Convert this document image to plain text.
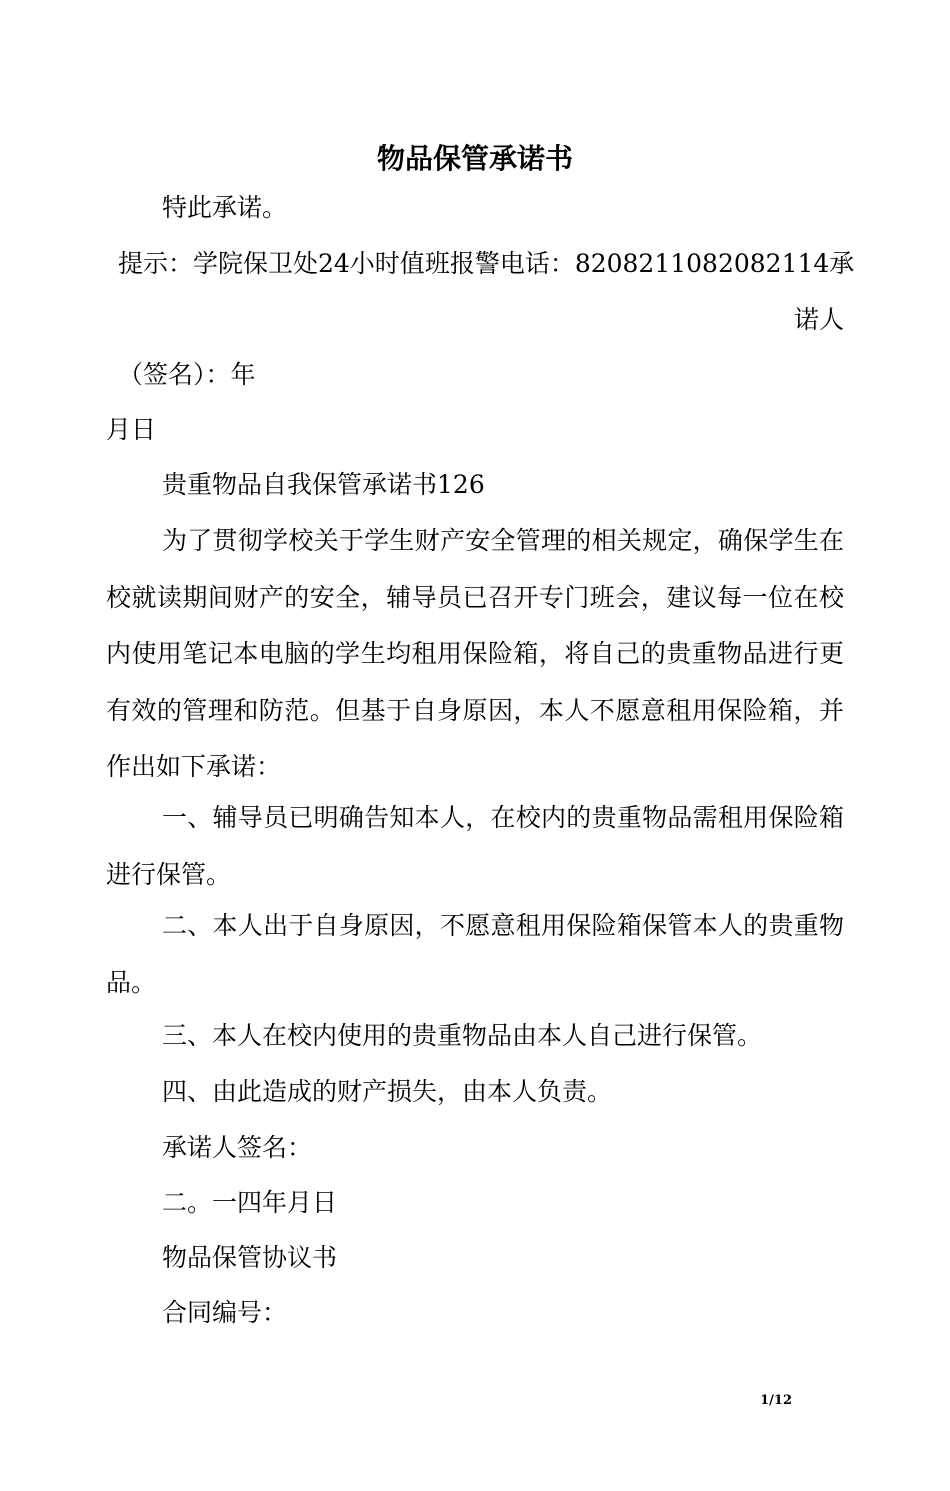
物品保管承诺书
特此承诺。
提示：学院保卫处24小时值班报警电话：8208211082082114承
诺人
（签名）：年
月日
贵重物品自我保管承诺书126

为了贯彻学校关于学生财产安全管理的相关规定，确保学生在校就读期间财产的安全，辅导员已召开专门班会，建议每一位在校内使用笔记本电脑的学生均租用保险箱，将自己的贵重物品进行更有效的管理和防范。但基于自身原因，本人不愿意租用保险箱，并作出如下承诺：

一、辅导员已明确告知本人，在校内的贵重物品需租用保险箱进行保管。

二、本人出于自身原因，不愿意租用保险箱保管本人的贵重物品。

三、本人在校内使用的贵重物品由本人自己进行保管。
四、由此造成的财产损失，由本人负责。
承诺人签名：
二。一四年月日
物品保管协议书
合同编号：
1/12
